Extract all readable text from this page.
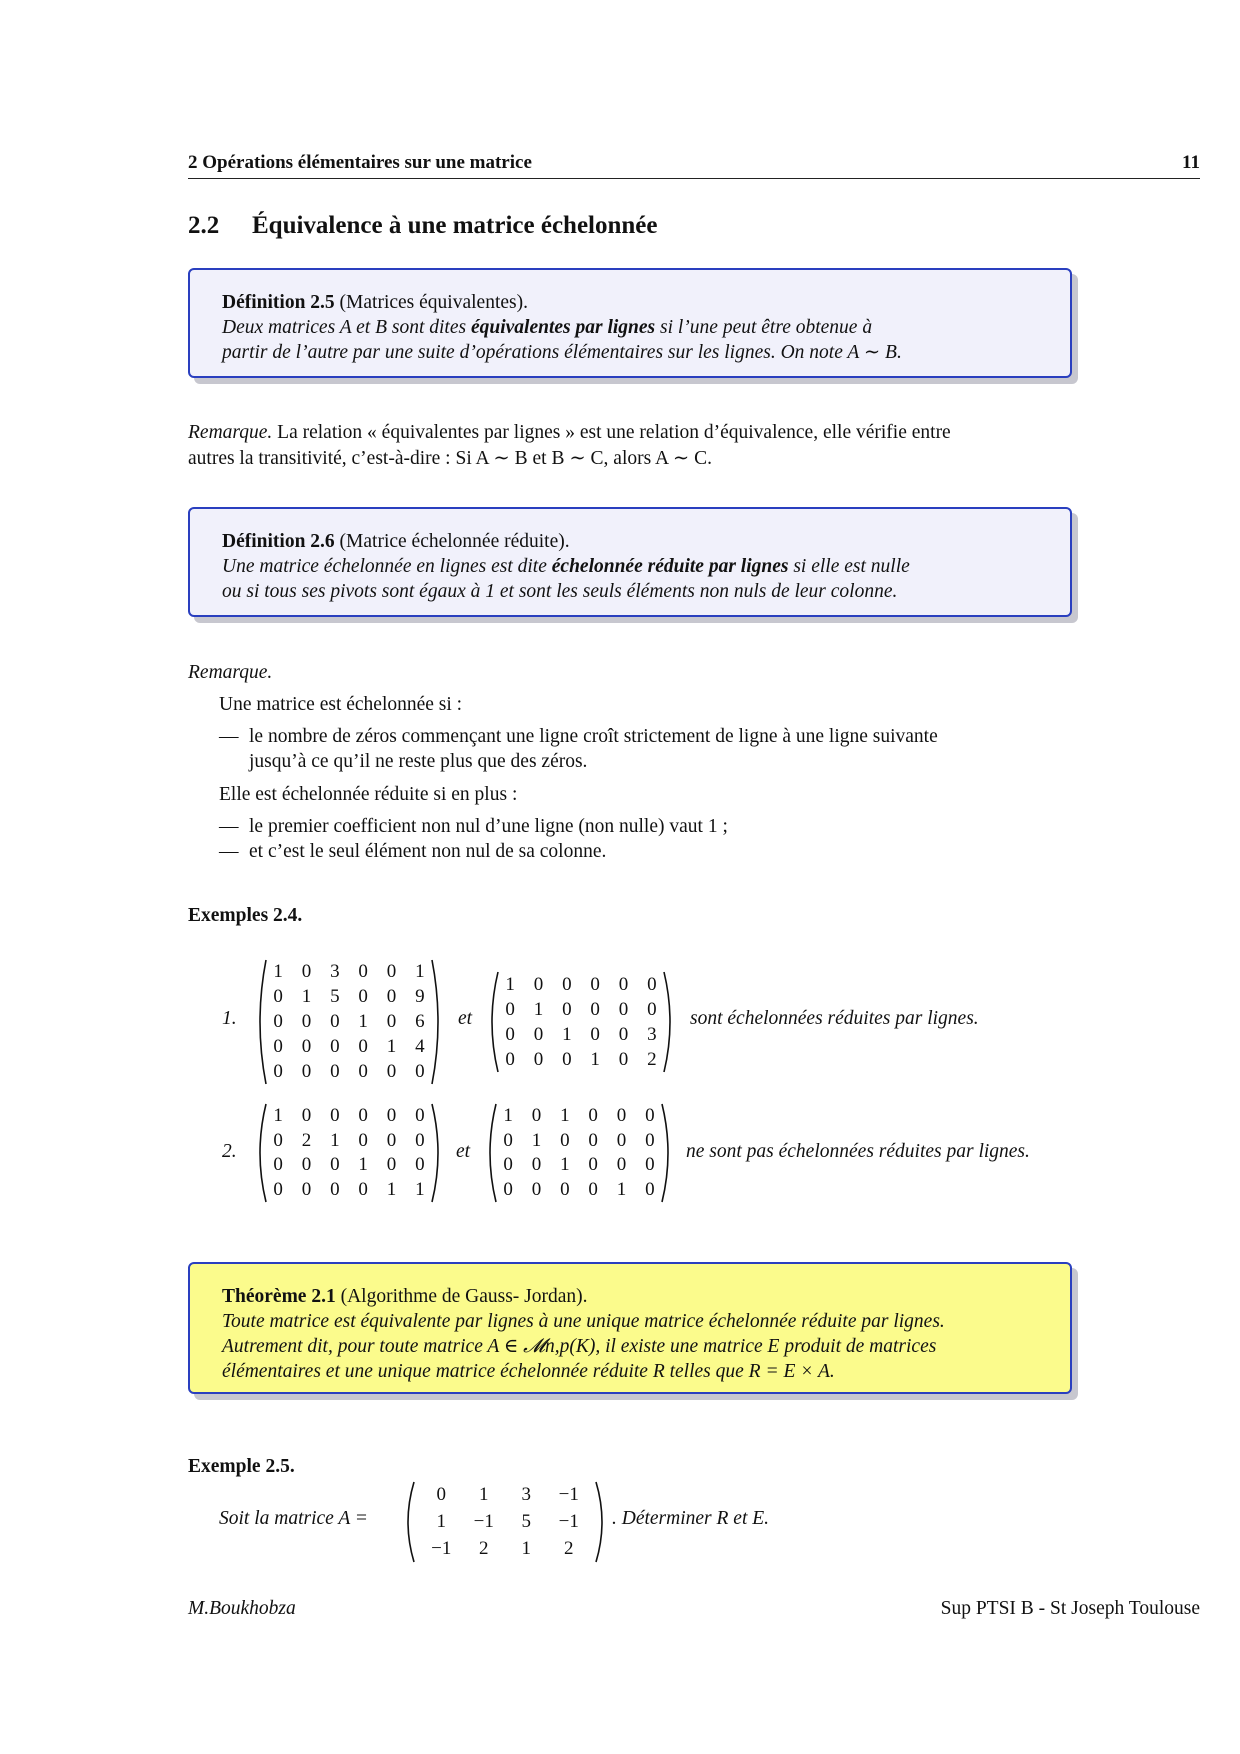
2 Opérations élémentaires sur une matrice	11
2.2 Équivalence à une matrice échelonnée
Définition 2.5 (Matrices équivalentes).
Deux matrices A et B sont dites équivalentes par lignes si l’une peut être obtenue à
partir de l’autre par une suite d’opérations élémentaires sur les lignes. On note A ∼ B.

Remarque. La relation « équivalentes par lignes » est une relation d’équivalence, elle vérifie entre

autres la transitivité, c’est-à-dire : Si A ∼ B et B ∼ C, alors A ∼ C.

Définition 2.6 (Matrice échelonnée réduite).
Une matrice échelonnée en lignes est dite échelonnée réduite par lignes si elle est nulle
ou si tous ses pivots sont égaux à 1 et sont les seuls éléments non nuls de leur colonne.

Remarque.

Une matrice est échelonnée si :

— le nombre de zéros commençant une ligne croît strictement de ligne à une ligne suivante

jusqu’à ce qu’il ne reste plus que des zéros.

Elle est échelonnée réduite si en plus :

— le premier coefficient non nul d’une ligne (non nulle) vaut 1 ;

— et c’est le seul élément non nul de sa colonne.

Exemples 2.4.

1.
1 0 3 0 0 1
0 1 5 0 0 9
0 0 0 1 0 6
0 0 0 0 1 4
0 0 0 0 0 0
et
1 0 0 0 0 0
0 1 0 0 0 0
0 0 1 0 0 3
0 0 0 1 0 2
sont échelonnées réduites par lignes.
2.
1 0 0 0 0 0
0 2 1 0 0 0
0 0 0 1 0 0
0 0 0 0 1 1
et
1 0 1 0 0 0
0 1 0 0 0 0
0 0 1 0 0 0
0 0 0 0 1 0
ne sont pas échelonnées réduites par lignes.
Théorème 2.1 (Algorithme de Gauss- Jordan).
Toute matrice est équivalente par lignes à une unique matrice échelonnée réduite par lignes.
Autrement dit, pour toute matrice A ∈ 𝓜n,p(K), il existe une matrice E produit de matrices
élémentaires et une unique matrice échelonnée réduite R telles que R = E × A.

Exemple 2.5.

Soit la matrice A =
0	1	3	−1
1	−1	5	−1
−1	2	1	2
. Déterminer R et E.

M.Boukhobza	Sup PTSI B - St Joseph Toulouse
